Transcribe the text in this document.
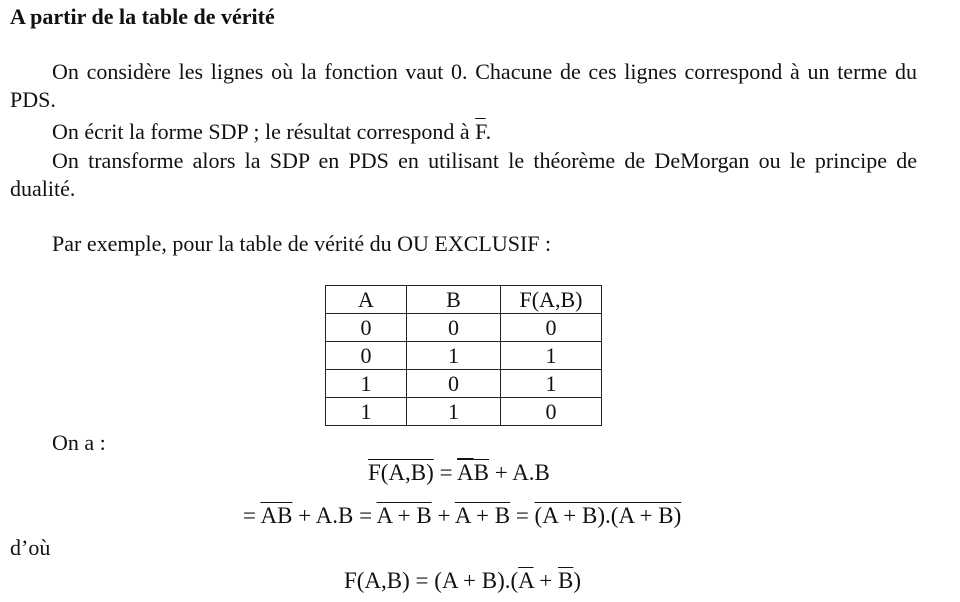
A partir de la table de vérité

On considère les lignes où la fonction vaut 0. Chacune de ces lignes correspond à un terme du PDS.

On écrit la forme SDP ; le résultat correspond à $\overline{F}$.

On transforme alors la SDP en PDS en utilisant le théorème de DeMorgan ou le principe de dualité.

Par exemple, pour la table de vérité du OU EXCLUSIF :

A	B	F(A,B)
0	0	0
0	1	1
1	0	1
1	1	0
On a :
$F(A,B) = \overline{A}\overline{B} + A.B$
= $\overline{A}\overline{B} + A.B = A + B + A + B = (A + B).(A + B)$
d’où
$F(A,B) = (A + B).(\overline{A} + \overline{B})$
